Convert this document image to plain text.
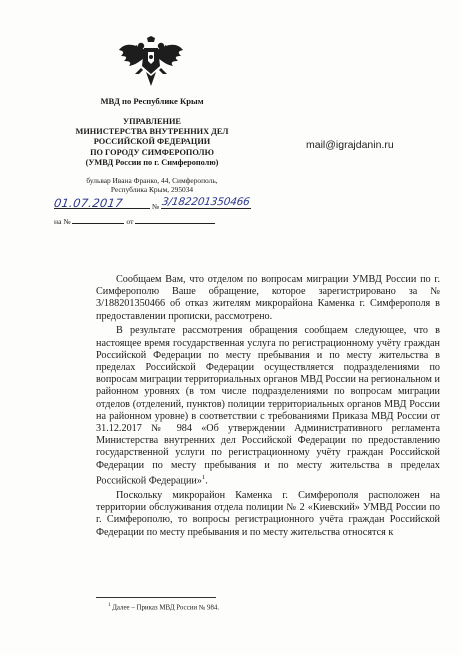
МВД по Республике Крым
УПРАВЛЕНИЕ
МИНИСТЕРСТВА ВНУТРЕННИХ ДЕЛ
РОССИЙСКОЙ ФЕДЕРАЦИИ
ПО ГОРОДУ СИМФЕРОПОЛЮ
(УМВД России по г. Симферополю)
бульвар Ивана Франко, 44, Симферополь,
Республика Крым, 295034
mail@igrajdanin.ru
№
01.07.2017	3/182201350466
на №	от

Сообщаем Вам, что отделом по вопросам миграции УМВД России по г. Симферополю Ваше обращение, которое зарегистрировано за № 3/188201350466 об отказ жителям микрорайона Каменка г. Симферополя в предоставлении прописки, рассмотрено.

В результате рассмотрения обращения сообщаем следующее, что в настоящее время государственная услуга по регистрационному учёту граждан Российской Федерации по месту пребывания и по месту жительства в пределах Российской Федерации осуществляется подразделениями по вопросам миграции территориальных органов МВД России на региональном и районном уровнях (в том числе подразделениями по вопросам миграции отделов (отделений, пунктов) полиции территориальных органов МВД России на районном уровне) в соответствии с требованиями Приказа МВД России от 31.12.2017 № 984 «Об утверждении Административного регламента Министерства внутренних дел Российской Федерации по предоставлению государственной услуги по регистрационному учёту граждан Российской Федерации по месту пребывания и по месту жительства в пределах Российской Федерации»$^1$.

Поскольку микрорайон Каменка г. Симферополя расположен на территории обслуживания отдела полиции № 2 «Киевский» УМВД России по г. Симферополю, то вопросы регистрационного учёта граждан Российской Федерации по месту пребывания и по месту жительства относятся к

$^1$ Далее – Приказ МВД России № 984.
